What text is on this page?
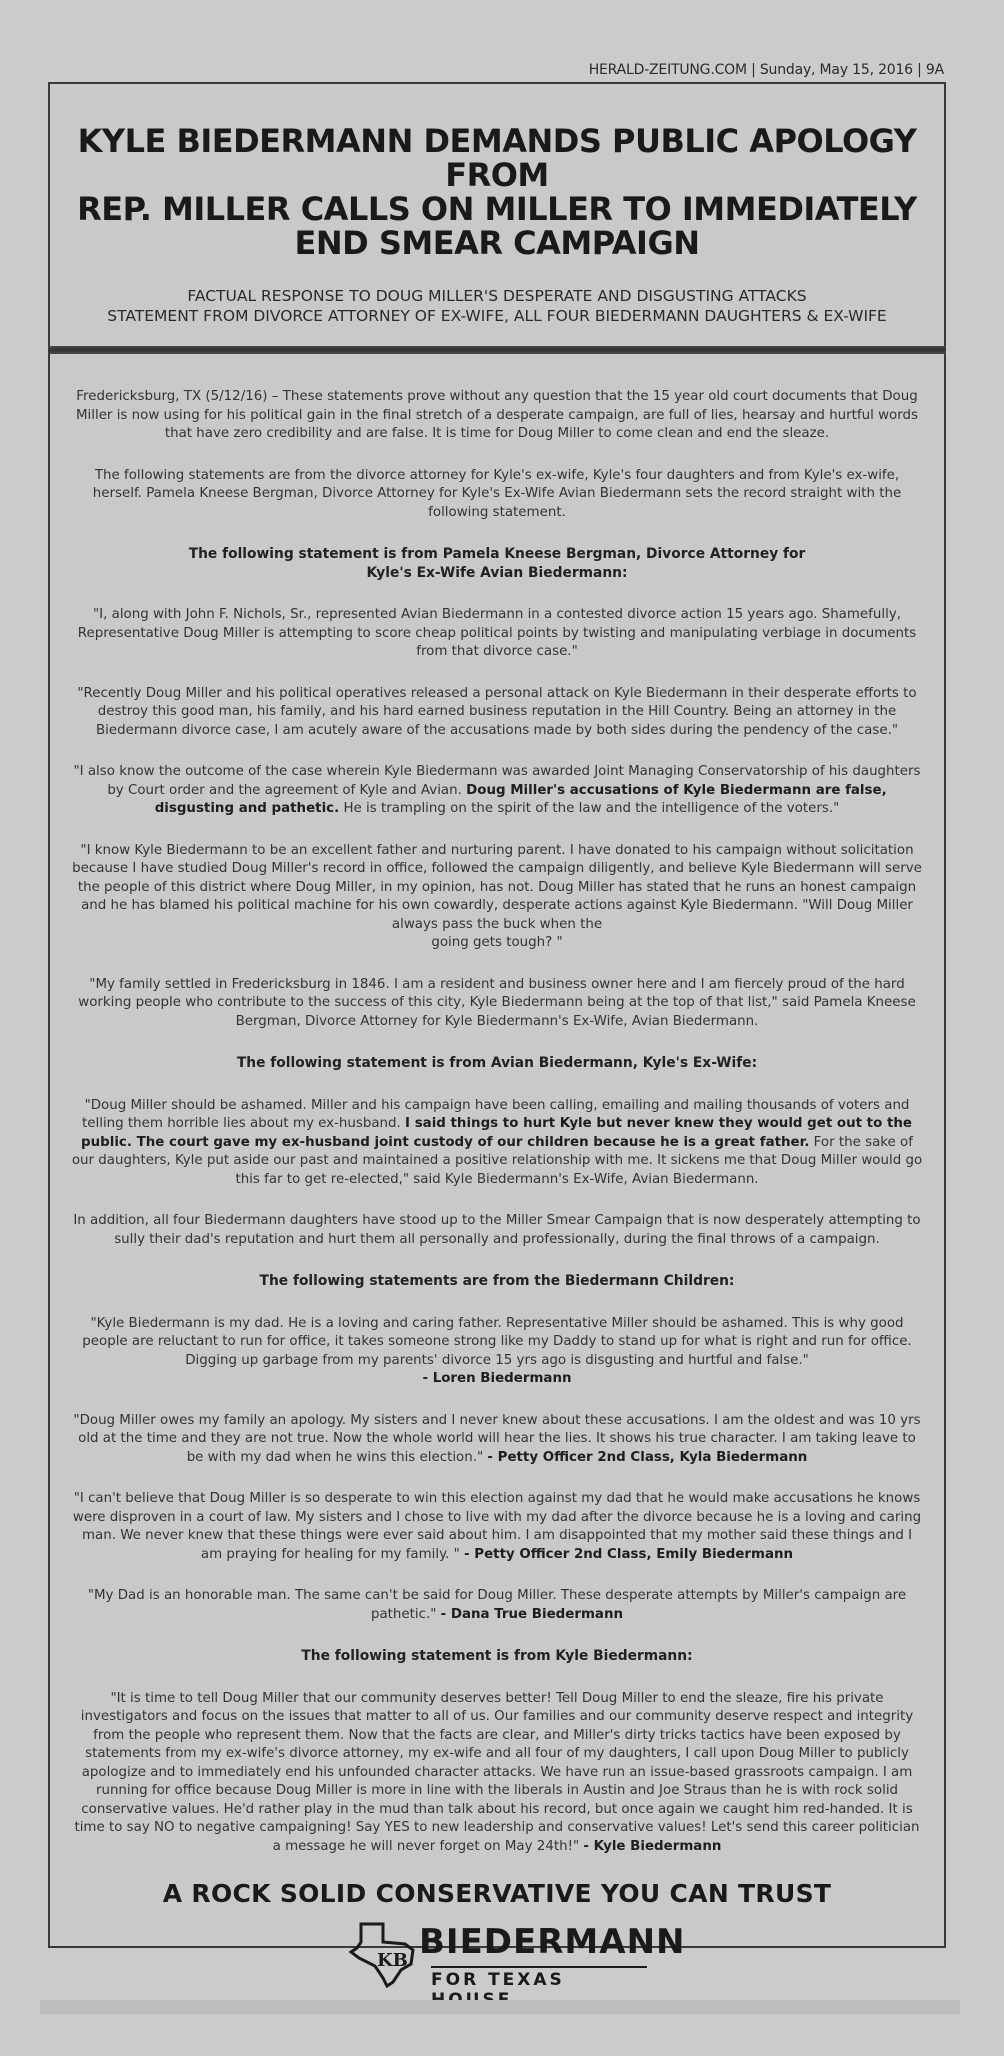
HERALD-ZEITUNG.COM | Sunday, May 15, 2016 | 9A
KYLE BIEDERMANN DEMANDS PUBLIC APOLOGY FROM
REP. MILLER CALLS ON MILLER TO IMMEDIATELY
END SMEAR CAMPAIGN
FACTUAL RESPONSE TO DOUG MILLER'S DESPERATE AND DISGUSTING ATTACKS
STATEMENT FROM DIVORCE ATTORNEY OF EX-WIFE, ALL FOUR BIEDERMANN DAUGHTERS & EX-WIFE

Fredericksburg, TX (5/12/16) – These statements prove without any question that the 15 year old court documents that Doug Miller is now using for his political gain in the final stretch of a desperate campaign, are full of lies, hearsay and hurtful words that have zero credibility and are false. It is time for Doug Miller to come clean and end the sleaze.

The following statements are from the divorce attorney for Kyle's ex-wife, Kyle's four daughters and from Kyle's ex-wife, herself. Pamela Kneese Bergman, Divorce Attorney for Kyle's Ex-Wife Avian Biedermann sets the record straight with the following statement.

The following statement is from Pamela Kneese Bergman, Divorce Attorney for
Kyle's Ex-Wife Avian Biedermann:

"I, along with John F. Nichols, Sr., represented Avian Biedermann in a contested divorce action 15 years ago. Shamefully, Representative Doug Miller is attempting to score cheap political points by twisting and manipulating verbiage in documents from that divorce case."

"Recently Doug Miller and his political operatives released a personal attack on Kyle Biedermann in their desperate efforts to destroy this good man, his family, and his hard earned business reputation in the Hill Country. Being an attorney in the Biedermann divorce case, I am acutely aware of the accusations made by both sides during the pendency of the case."

"I also know the outcome of the case wherein Kyle Biedermann was awarded Joint Managing Conservatorship of his daughters by Court order and the agreement of Kyle and Avian. Doug Miller's accusations of Kyle Biedermann are false, disgusting and pathetic. He is trampling on the spirit of the law and the intelligence of the voters."

"I know Kyle Biedermann to be an excellent father and nurturing parent. I have donated to his campaign without solicitation because I have studied Doug Miller's record in office, followed the campaign diligently, and believe Kyle Biedermann will serve the people of this district where Doug Miller, in my opinion, has not. Doug Miller has stated that he runs an honest campaign and he has blamed his political machine for his own cowardly, desperate actions against Kyle Biedermann. "Will Doug Miller always pass the buck when the
going gets tough? "

"My family settled in Fredericksburg in 1846. I am a resident and business owner here and I am fiercely proud of the hard working people who contribute to the success of this city, Kyle Biedermann being at the top of that list," said Pamela Kneese Bergman, Divorce Attorney for Kyle Biedermann's Ex-Wife, Avian Biedermann.

The following statement is from Avian Biedermann, Kyle's Ex-Wife:

"Doug Miller should be ashamed. Miller and his campaign have been calling, emailing and mailing thousands of voters and telling them horrible lies about my ex-husband. I said things to hurt Kyle but never knew they would get out to the public. The court gave my ex-husband joint custody of our children because he is a great father. For the sake of our daughters, Kyle put aside our past and maintained a positive relationship with me. It sickens me that Doug Miller would go this far to get re-elected," said Kyle Biedermann's Ex-Wife, Avian Biedermann.

In addition, all four Biedermann daughters have stood up to the Miller Smear Campaign that is now desperately attempting to sully their dad's reputation and hurt them all personally and professionally, during the final throws of a campaign.

The following statements are from the Biedermann Children:

"Kyle Biedermann is my dad. He is a loving and caring father. Representative Miller should be ashamed. This is why good people are reluctant to run for office, it takes someone strong like my Daddy to stand up for what is right and run for office. Digging up garbage from my parents' divorce 15 yrs ago is disgusting and hurtful and false."
- Loren Biedermann

"Doug Miller owes my family an apology. My sisters and I never knew about these accusations. I am the oldest and was 10 yrs old at the time and they are not true. Now the whole world will hear the lies. It shows his true character. I am taking leave to be with my dad when he wins this election." - Petty Officer 2nd Class, Kyla Biedermann

"I can't believe that Doug Miller is so desperate to win this election against my dad that he would make accusations he knows were disproven in a court of law. My sisters and I chose to live with my dad after the divorce because he is a loving and caring man. We never knew that these things were ever said about him. I am disappointed that my mother said these things and I am praying for healing for my family. " - Petty Officer 2nd Class, Emily Biedermann

"My Dad is an honorable man. The same can't be said for Doug Miller. These desperate attempts by Miller's campaign are pathetic." - Dana True Biedermann

The following statement is from Kyle Biedermann:

"It is time to tell Doug Miller that our community deserves better! Tell Doug Miller to end the sleaze, fire his private investigators and focus on the issues that matter to all of us. Our families and our community deserve respect and integrity from the people who represent them. Now that the facts are clear, and Miller's dirty tricks tactics have been exposed by statements from my ex-wife's divorce attorney, my ex-wife and all four of my daughters, I call upon Doug Miller to publicly apologize and to immediately end his unfounded character attacks. We have run an issue-based grassroots campaign. I am running for office because Doug Miller is more in line with the liberals in Austin and Joe Straus than he is with rock solid conservative values. He'd rather play in the mud than talk about his record, but once again we caught him red-handed. It is time to say NO to negative campaigning! Say YES to new leadership and conservative values! Let's send this career politician a message he will never forget on May 24th!" - Kyle Biedermann

A ROCK SOLID CONSERVATIVE YOU CAN TRUST
KB BIEDERMANN
FOR TEXAS
